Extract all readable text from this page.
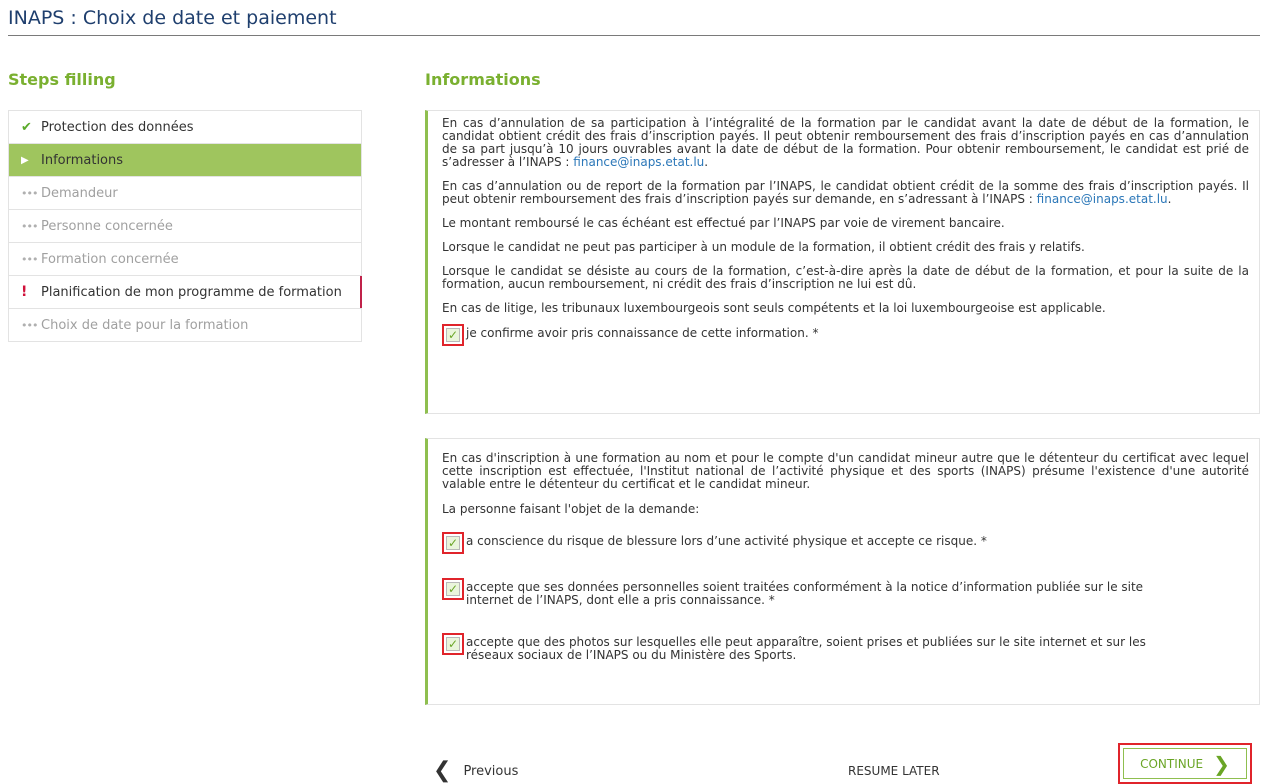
INAPS : Choix de date et paiement
Steps filling
✔ Protection des données
▶ Informations
••• Demandeur
••• Personne concernée
••• Formation concernée
!	Planification de mon programme de formation
••• Choix de date pour la formation
Informations

En cas d’annulation de sa participation à l’intégralité de la formation par le candidat avant la date de début de la formation, le candidat obtient crédit des frais d’inscription payés. Il peut obtenir remboursement des frais d’inscription payés en cas d’annulation de sa part jusqu’à 10 jours ouvrables avant la date de début de la formation. Pour obtenir remboursement, le candidat est prié de s’adresser à l’INAPS : finance@inaps.etat.lu.

En cas d’annulation ou de report de la formation par l’INAPS, le candidat obtient crédit de la somme des frais d’inscription payés. Il peut obtenir remboursement des frais d’inscription payés sur demande, en s’adressant à l’INAPS : finance@inaps.etat.lu.

Le montant remboursé le cas échéant est effectué par l’INAPS par voie de virement bancaire.

Lorsque le candidat ne peut pas participer à un module de la formation, il obtient crédit des frais y relatifs.

Lorsque le candidat se désiste au cours de la formation, c’est-à-dire après la date de début de la formation, et pour la suite de la formation, aucun remboursement, ni crédit des frais d’inscription ne lui est dû.

En cas de litige, les tribunaux luxembourgeois sont seuls compétents et la loi luxembourgeoise est applicable.

✓ je confirme avoir pris connaissance de cette information. *

En cas d'inscription à une formation au nom et pour le compte d'un candidat mineur autre que le détenteur du certificat avec lequel cette inscription est effectuée, l'Institut national de l’activité physique et des sports (INAPS) présume l'existence d'une autorité valable entre le détenteur du certificat et le candidat mineur.

La personne faisant l'objet de la demande:

✓ a conscience du risque de blessure lors d’une activité physique et accepte ce risque. *
✓ accepte que ses données personnelles soient traitées conformément à la notice d’information publiée sur le site internet de l’INAPS, dont elle a pris connaissance. *
✓ accepte que des photos sur lesquelles elle peut apparaître, soient prises et publiées sur le site internet et sur les réseaux sociaux de l’INAPS ou du Ministère des Sports.
❮ Previous	RESUME LATER
CONTINUE ❯
